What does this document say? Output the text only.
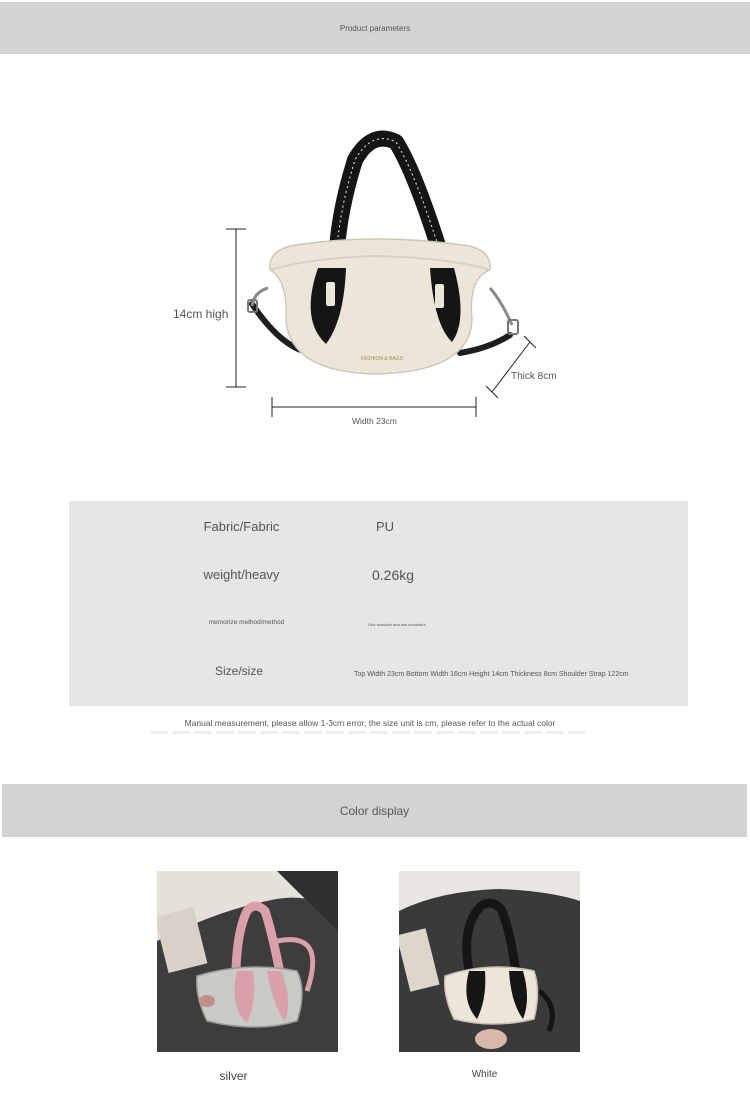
Product parameters
FASHION & BAGS
14cm high
Thick 8cm
Width 23cm
Fabric/Fabric	PU
weight/heavy	0.26kg
memorize method/method	One shoulder and two shoulders
Size/size	Top Width 23cm Bottom Width 16cm Height 14cm Thickness 8cm Shoulder Strap 122cm
Manual measurement, please allow 1-3cm error, the size unit is cm, please refer to the actual color
Color display
silver	White
